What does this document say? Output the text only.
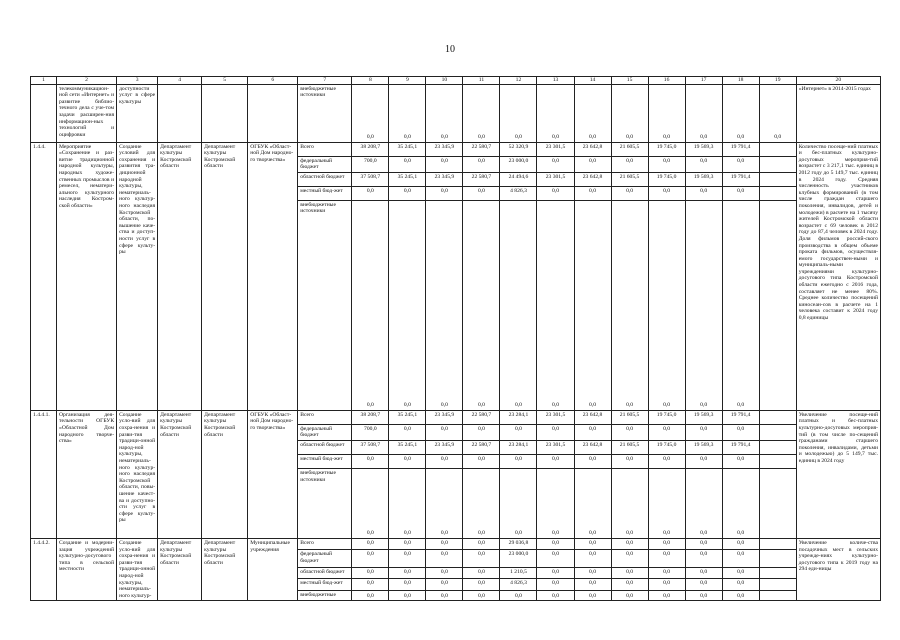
10
1	2	3	4	5	6	7	8	9	10	11	12	13	14	15	16	17	18	19	20
	телекоммуникацион-ной сети «Интернет» и развитие библио-течного дела с уче-том задачи расширен-ния информацион-ных технологий и оцифровки	доступности услуг в сфере культуры				внебюджетные источники	0,0	0,0	0,0	0,0	0,0	0,0	0,0	0,0	0,0	0,0	0,0	0,0	«Интернет» в 2014-2015 годах
1.4.4.	Мероприятие «Сохранение и раз-витие традиционной народной культуры, народных художе-ственных промыслов и ремесел, нематери-ального культурного наследия Костром-ской области»	Создание условий для сохранения и развития тра-диционной народной культуры, нематериаль-ного культур-ного наследия Костромской области, по-вышение каче-ства и доступ-ности услуг в сфере культу-ры	Департамент культуры Костромской области	Департамент культуры Костромской области	ОГБУК «Област-ной Дом народно-го творчества»	Всего	38 208,7	35 245,1	23 345,9	22 580,7	52 320,9	23 301,5	23 642,8	21 605,5	19 745,0	19 569,3	19 791,4		Количество посеще-ний платных и бес-платных культурно-досуговых мероприя-тий возрастет с 3 217,1 тыс. единиц в 2012 году до 5 149,7 тыс. единиц в 2024 году. Средняя численность участников клубных формирований (в том числе граждан старшего поколения, инвалидов, детей и молодежи) в расчете на 1 тысячу жителей Костромской области возрастет с 69 человек в 2012 году до 87,4 человек в 2024 году. Доля фильмов россий-ского производства в общем объеме проката фильмов, осуществля-емого государствен-ными и муниципаль-ными учреждениями культурно-досугового типа Костромской области ежегодно с 2016 года, составляет не менее 80%. Среднее количество посещений киносеан-сов в расчете на 1 человека составит к 2024 году 0,8 единицы
						федеральный бюджет	700,0	0,0	0,0	0,0	23 000,0	0,0	0,0	0,0	0,0	0,0	0,0		
						областной бюджет	37 508,7	35 245,1	23 345,9	22 580,7	24 494,6	23 301,5	23 642,8	21 605,5	19 745,0	19 569,3	19 791,4		
						местный бюд-жет	0,0	0,0	0,0	0,0	4 826,3	0,0	0,0	0,0	0,0	0,0	0,0		
						внебюджетные источники	0,0	0,0	0,0	0,0	0,0	0,0	0,0	0,0	0,0	0,0	0,0		
1.4.4.1.	Организация дея-тельности ОГБУК «Областной Дом народного творче-ства»	Создание усло-вий для сохра-нения и разви-тия традици-онной народ-ной культуры, нематериаль-ного культур-ного наследия Костромской области, повы-шение качест-ва и доступно-сти услуг в сфере культу-ры	Департамент культуры Костромской области	Департамент культуры Костромской области	ОГБУК «Област-ной Дом народно-го творчества»	Всего	38 208,7	35 245,1	23 345,9	22 580,7	23 284,1	23 301,5	23 642,8	21 605,5	19 745,0	19 569,3	19 791,4		Увеличение посеще-ний платных и бес-платных культурно-досуговых мероприя-тий (в том числе по-сещений гражданами старшего поколения, инвалидами, детьми и молодежью) до 5 149,7 тыс. единиц в 2024 году
						федеральный бюджет	700,0	0,0	0,0	0,0	0,0	0,0	0,0	0,0	0,0	0,0	0,0		
						областной бюджет	37 508,7	35 245,1	23 345,9	22 580,7	23 284,1	23 301,5	23 642,8	21 605,5	19 745,0	19 569,3	19 791,4		
						местный бюд-жет	0,0	0,0	0,0	0,0	0,0	0,0	0,0	0,0	0,0	0,0	0,0		
						внебюджетные источники	0,0	0,0	0,0	0,0	0,0	0,0	0,0	0,0	0,0	0,0	0,0		
1.4.4.2.	Создание и модерни-зация учреждений культурно-досугового типа в сельской местности	Создание усло-вий для сохра-нения и разви-тия традици-онной народ-ной культуры, нематериаль-ного культур-	Департамент культуры Костромской области	Департамент культуры Костромской области	Муниципальные учреждения	Всего	0,0	0,0	0,0	0,0	29 036,8	0,0	0,0	0,0	0,0	0,0	0,0		Увеличение количе-ства посадочных мест в сельских учрежде-ниях культурно-досугового типа к 2019 году на 294 еди-ницы
						федеральный бюджет	0,0	0,0	0,0	0,0	23 000,0	0,0	0,0	0,0	0,0	0,0	0,0		
						областной бюджет	0,0	0,0	0,0	0,0	1 210,5	0,0	0,0	0,0	0,0	0,0	0,0		
						местный бюд-жет	0,0	0,0	0,0	0,0	4 826,3	0,0	0,0	0,0	0,0	0,0	0,0		
						внебюджетные	0,0	0,0	0,0	0,0	0,0	0,0	0,0	0,0	0,0	0,0	0,0		
